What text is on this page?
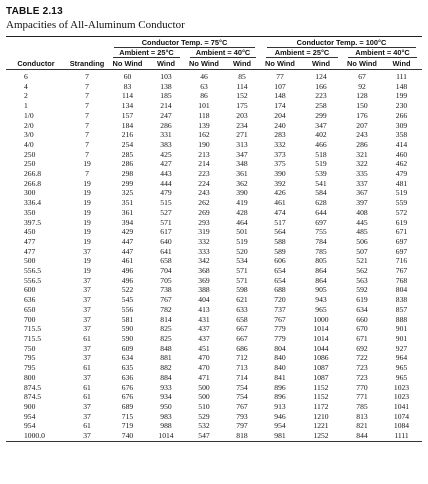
TABLE 2.13
Ampacities of All-Aluminum Conductor
		Conductor Temp. = 75°C				Conductor Temp. = 100°C			
		Ambient = 25°C		Ambient = 40°C		Ambient = 25°C		Ambient = 40°C	
Conductor	Stranding	No Wind	Wind	No Wind	Wind	No Wind	Wind	No Wind	Wind
6	7	60	103	46	85	77	124	67	111
4	7	83	138	63	114	107	166	92	148
2	7	114	185	86	152	148	223	128	199
1	7	134	214	101	175	174	258	150	230
1/0	7	157	247	118	203	204	299	176	266
2/0	7	184	286	139	234	240	347	207	309
3/0	7	216	331	162	271	283	402	243	358
4/0	7	254	383	190	313	332	466	286	414
250	7	285	425	213	347	373	518	321	460
250	19	286	427	214	348	375	519	322	462
266.8	7	298	443	223	361	390	539	335	479
266.8	19	299	444	224	362	392	541	337	481
300	19	325	479	243	390	426	584	367	519
336.4	19	351	515	262	419	461	628	397	559
350	19	361	527	269	428	474	644	408	572
397.5	19	394	571	293	464	517	697	445	619
450	19	429	617	319	501	564	755	485	671
477	19	447	640	332	519	588	784	506	697
477	37	447	641	333	520	589	785	507	697
500	19	461	658	342	534	606	805	521	716
556.5	19	496	704	368	571	654	864	562	767
556.5	37	496	705	369	571	654	864	563	768
600	37	522	738	388	598	688	905	592	804
636	37	545	767	404	621	720	943	619	838
650	37	556	782	413	633	737	965	634	857
700	37	581	814	431	658	767	1000	660	888
715.5	37	590	825	437	667	779	1014	670	901
715.5	61	590	825	437	667	779	1014	671	901
750	37	609	848	451	686	804	1044	692	927
795	37	634	881	470	712	840	1086	722	964
795	61	635	882	470	713	840	1087	723	965
800	37	636	884	471	714	841	1087	723	965
874.5	61	676	933	500	754	896	1152	770	1023
874.5	61	676	934	500	754	896	1152	771	1023
900	37	689	950	510	767	913	1172	785	1041
954	37	715	983	529	793	946	1210	813	1074
954	61	719	988	532	797	954	1221	821	1084
1000.0	37	740	1014	547	818	981	1252	844	1111
